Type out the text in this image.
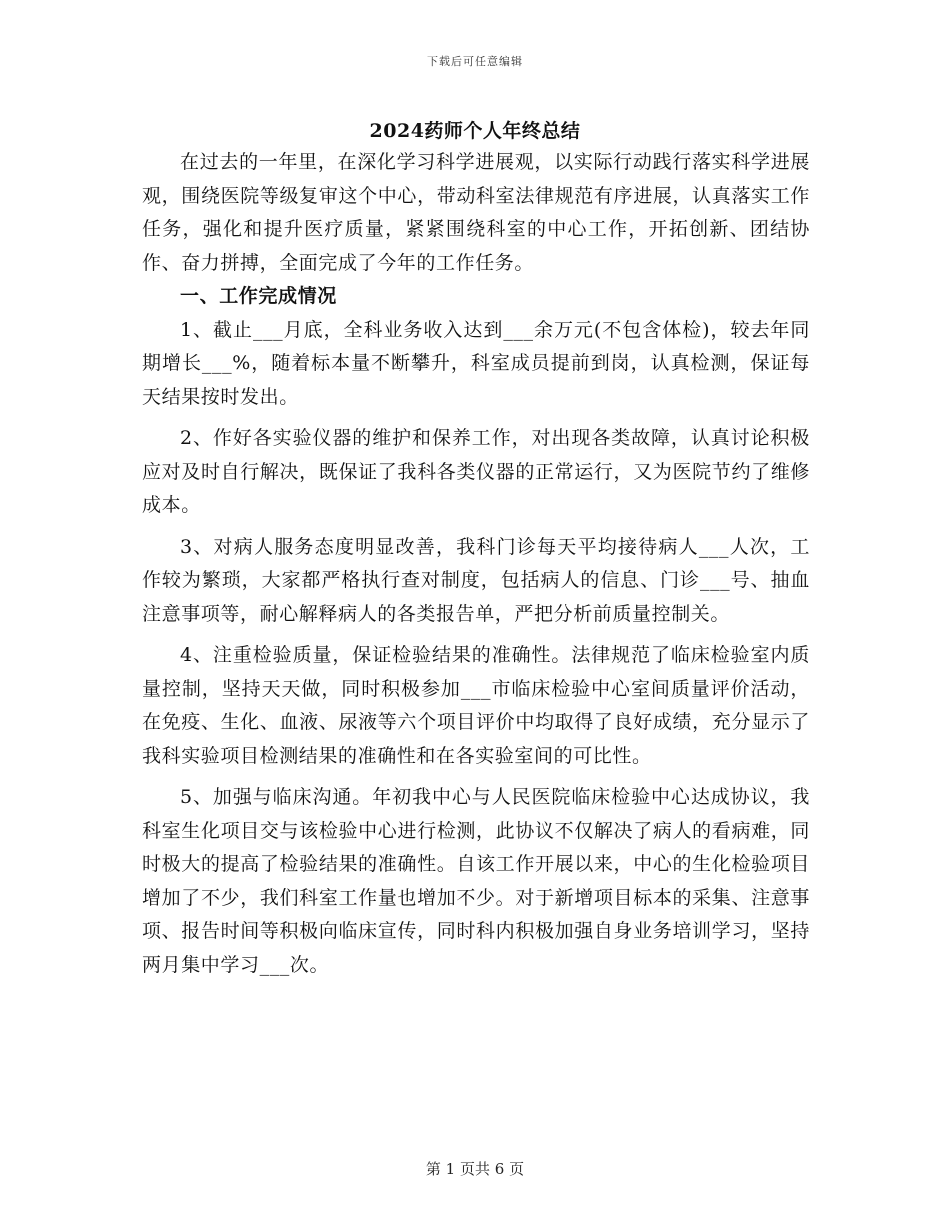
下载后可任意编辑
2024药师个人年终总结

在过去的一年里，在深化学习科学进展观，以实际行动践行落实科学进展观，围绕医院等级复审这个中心，带动科室法律规范有序进展，认真落实工作任务，强化和提升医疗质量，紧紧围绕科室的中心工作，开拓创新、团结协作、奋力拼搏，全面完成了今年的工作任务。

一、工作完成情况

1、截止___月底，全科业务收入达到___余万元(不包含体检)，较去年同期增长___%，随着标本量不断攀升，科室成员提前到岗，认真检测，保证每天结果按时发出。

2、作好各实验仪器的维护和保养工作，对出现各类故障，认真讨论积极应对及时自行解决，既保证了我科各类仪器的正常运行，又为医院节约了维修成本。

3、对病人服务态度明显改善，我科门诊每天平均接待病人___人次，工作较为繁琐，大家都严格执行查对制度，包括病人的信息、门诊___号、抽血注意事项等，耐心解释病人的各类报告单，严把分析前质量控制关。

4、注重检验质量，保证检验结果的准确性。法律规范了临床检验室内质量控制，坚持天天做，同时积极参加___市临床检验中心室间质量评价活动，在免疫、生化、血液、尿液等六个项目评价中均取得了良好成绩，充分显示了我科实验项目检测结果的准确性和在各实验室间的可比性。

5、加强与临床沟通。年初我中心与人民医院临床检验中心达成协议，我科室生化项目交与该检验中心进行检测，此协议不仅解决了病人的看病难，同时极大的提高了检验结果的准确性。自该工作开展以来，中心的生化检验项目增加了不少，我们科室工作量也增加不少。对于新增项目标本的采集、注意事项、报告时间等积极向临床宣传，同时科内积极加强自身业务培训学习，坚持两月集中学习___次。

第 1 页共 6 页
